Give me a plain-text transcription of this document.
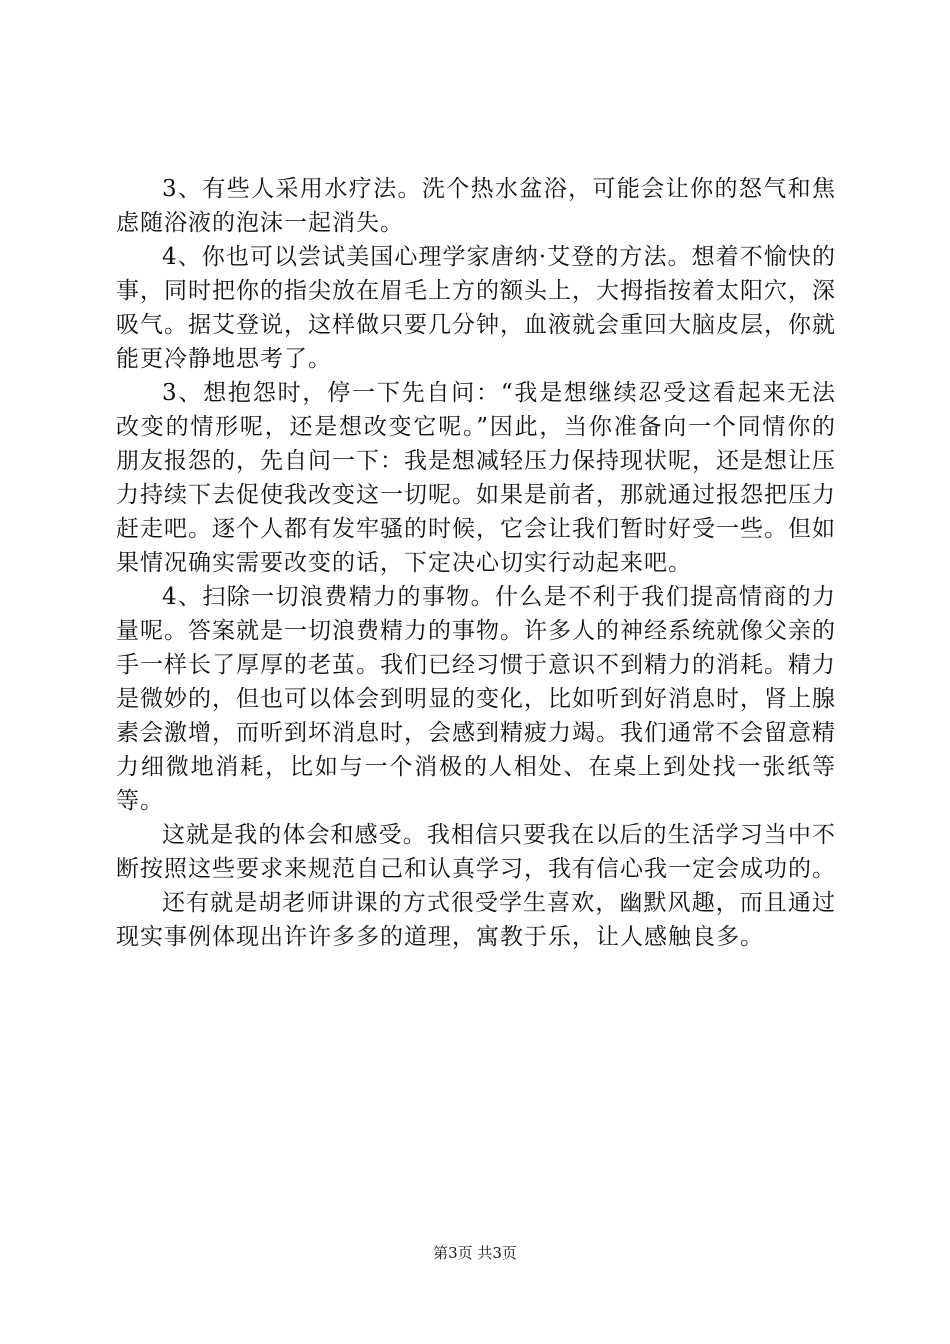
3、有些人采用水疗法。洗个热水盆浴，可能会让你的怒气和焦虑随浴液的泡沫一起消失。

4、你也可以尝试美国心理学家唐纳·艾登的方法。想着不愉快的事，同时把你的指尖放在眉毛上方的额头上，大拇指按着太阳穴，深吸气。据艾登说，这样做只要几分钟，血液就会重回大脑皮层，你就能更冷静地思考了。

3、想抱怨时，停一下先自问：“我是想继续忍受这看起来无法改变的情形呢，还是想改变它呢。”因此，当你准备向一个同情你的朋友报怨的，先自问一下：我是想减轻压力保持现状呢，还是想让压力持续下去促使我改变这一切呢。如果是前者，那就通过报怨把压力赶走吧。逐个人都有发牢骚的时候，它会让我们暂时好受一些。但如果情况确实需要改变的话，下定决心切实行动起来吧。

4、扫除一切浪费精力的事物。什么是不利于我们提高情商的力量呢。答案就是一切浪费精力的事物。许多人的神经系统就像父亲的手一样长了厚厚的老茧。我们已经习惯于意识不到精力的消耗。精力是微妙的，但也可以体会到明显的变化，比如听到好消息时，肾上腺素会激增，而听到坏消息时，会感到精疲力竭。我们通常不会留意精力细微地消耗，比如与一个消极的人相处、在桌上到处找一张纸等等。

这就是我的体会和感受。我相信只要我在以后的生活学习当中不断按照这些要求来规范自己和认真学习，我有信心我一定会成功的。

还有就是胡老师讲课的方式很受学生喜欢，幽默风趣，而且通过现实事例体现出许许多多的道理，寓教于乐，让人感触良多。

第3页 共3页
